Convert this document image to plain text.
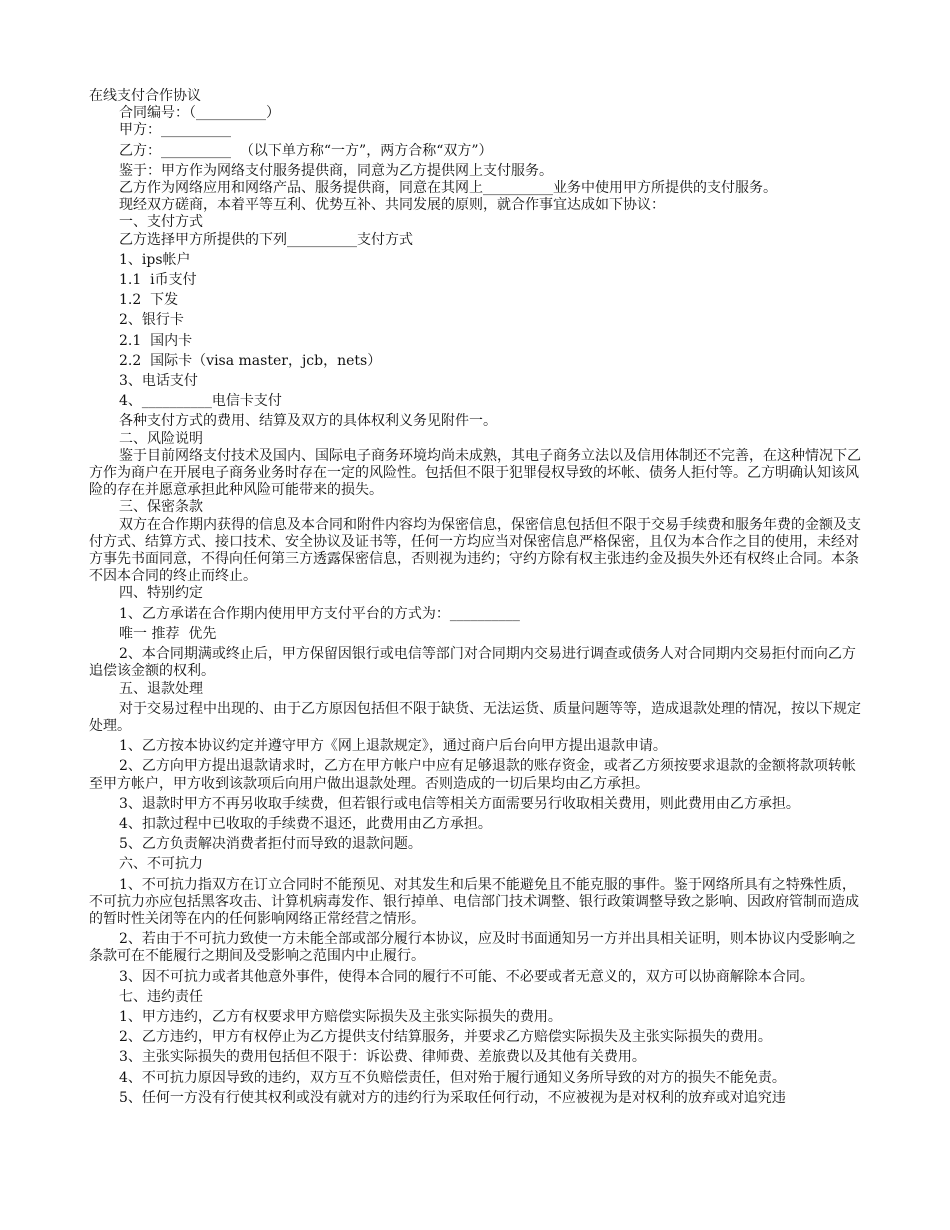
在线支付合作协议

合同编号：（__________）

甲方：__________

乙方：__________  （以下单方称“一方”，两方合称“双方”）

鉴于：甲方作为网络支付服务提供商，同意为乙方提供网上支付服务。

乙方作为网络应用和网络产品、服务提供商，同意在其网上__________业务中使用甲方所提供的支付服务。

现经双方磋商，本着平等互利、优势互补、共同发展的原则，就合作事宜达成如下协议：

一、支付方式

乙方选择甲方所提供的下列__________支付方式

1、ips帐户

1.1  i币支付

1.2  下发

2、银行卡

2.1  国内卡

2.2  国际卡（visa master，jcb，nets）

3、电话支付

4、__________电信卡支付

各种支付方式的费用、结算及双方的具体权利义务见附件一。

二、风险说明

鉴于目前网络支付技术及国内、国际电子商务环境均尚未成熟，其电子商务立法以及信用体制还不完善，在这种情况下乙方作为商户在开展电子商务业务时存在一定的风险性。包括但不限于犯罪侵权导致的坏帐、债务人拒付等。乙方明确认知该风险的存在并愿意承担此种风险可能带来的损失。

三、保密条款

双方在合作期内获得的信息及本合同和附件内容均为保密信息，保密信息包括但不限于交易手续费和服务年费的金额及支付方式、结算方式、接口技术、安全协议及证书等，任何一方均应当对保密信息严格保密，且仅为本合作之目的使用，未经对方事先书面同意，不得向任何第三方透露保密信息，否则视为违约；守约方除有权主张违约金及损失外还有权终止合同。本条不因本合同的终止而终止。

四、特别约定

1、乙方承诺在合作期内使用甲方支付平台的方式为：__________

唯一 推荐  优先

2、本合同期满或终止后，甲方保留因银行或电信等部门对合同期内交易进行调查或债务人对合同期内交易拒付而向乙方追偿该金额的权利。

五、退款处理

对于交易过程中出现的、由于乙方原因包括但不限于缺货、无法运货、质量问题等等，造成退款处理的情况，按以下规定处理。

1、乙方按本协议约定并遵守甲方《网上退款规定》，通过商户后台向甲方提出退款申请。

2、乙方向甲方提出退款请求时，乙方在甲方帐户中应有足够退款的账存资金，或者乙方须按要求退款的金额将款项转帐至甲方帐户，甲方收到该款项后向用户做出退款处理。否则造成的一切后果均由乙方承担。

3、退款时甲方不再另收取手续费，但若银行或电信等相关方面需要另行收取相关费用，则此费用由乙方承担。

4、扣款过程中已收取的手续费不退还，此费用由乙方承担。

5、乙方负责解决消费者拒付而导致的退款问题。

六、不可抗力

1、不可抗力指双方在订立合同时不能预见、对其发生和后果不能避免且不能克服的事件。鉴于网络所具有之特殊性质，不可抗力亦应包括黑客攻击、计算机病毒发作、银行掉单、电信部门技术调整、银行政策调整导致之影响、因政府管制而造成的暂时性关闭等在内的任何影响网络正常经营之情形。

2、若由于不可抗力致使一方未能全部或部分履行本协议，应及时书面通知另一方并出具相关证明，则本协议内受影响之条款可在不能履行之期间及受影响之范围内中止履行。

3、因不可抗力或者其他意外事件，使得本合同的履行不可能、不必要或者无意义的，双方可以协商解除本合同。

七、违约责任

1、甲方违约，乙方有权要求甲方赔偿实际损失及主张实际损失的费用。

2、乙方违约，甲方有权停止为乙方提供支付结算服务，并要求乙方赔偿实际损失及主张实际损失的费用。

3、主张实际损失的费用包括但不限于：诉讼费、律师费、差旅费以及其他有关费用。

4、不可抗力原因导致的违约，双方互不负赔偿责任，但对殆于履行通知义务所导致的对方的损失不能免责。

5、任何一方没有行使其权利或没有就对方的违约行为采取任何行动，不应被视为是对权利的放弃或对追究违
